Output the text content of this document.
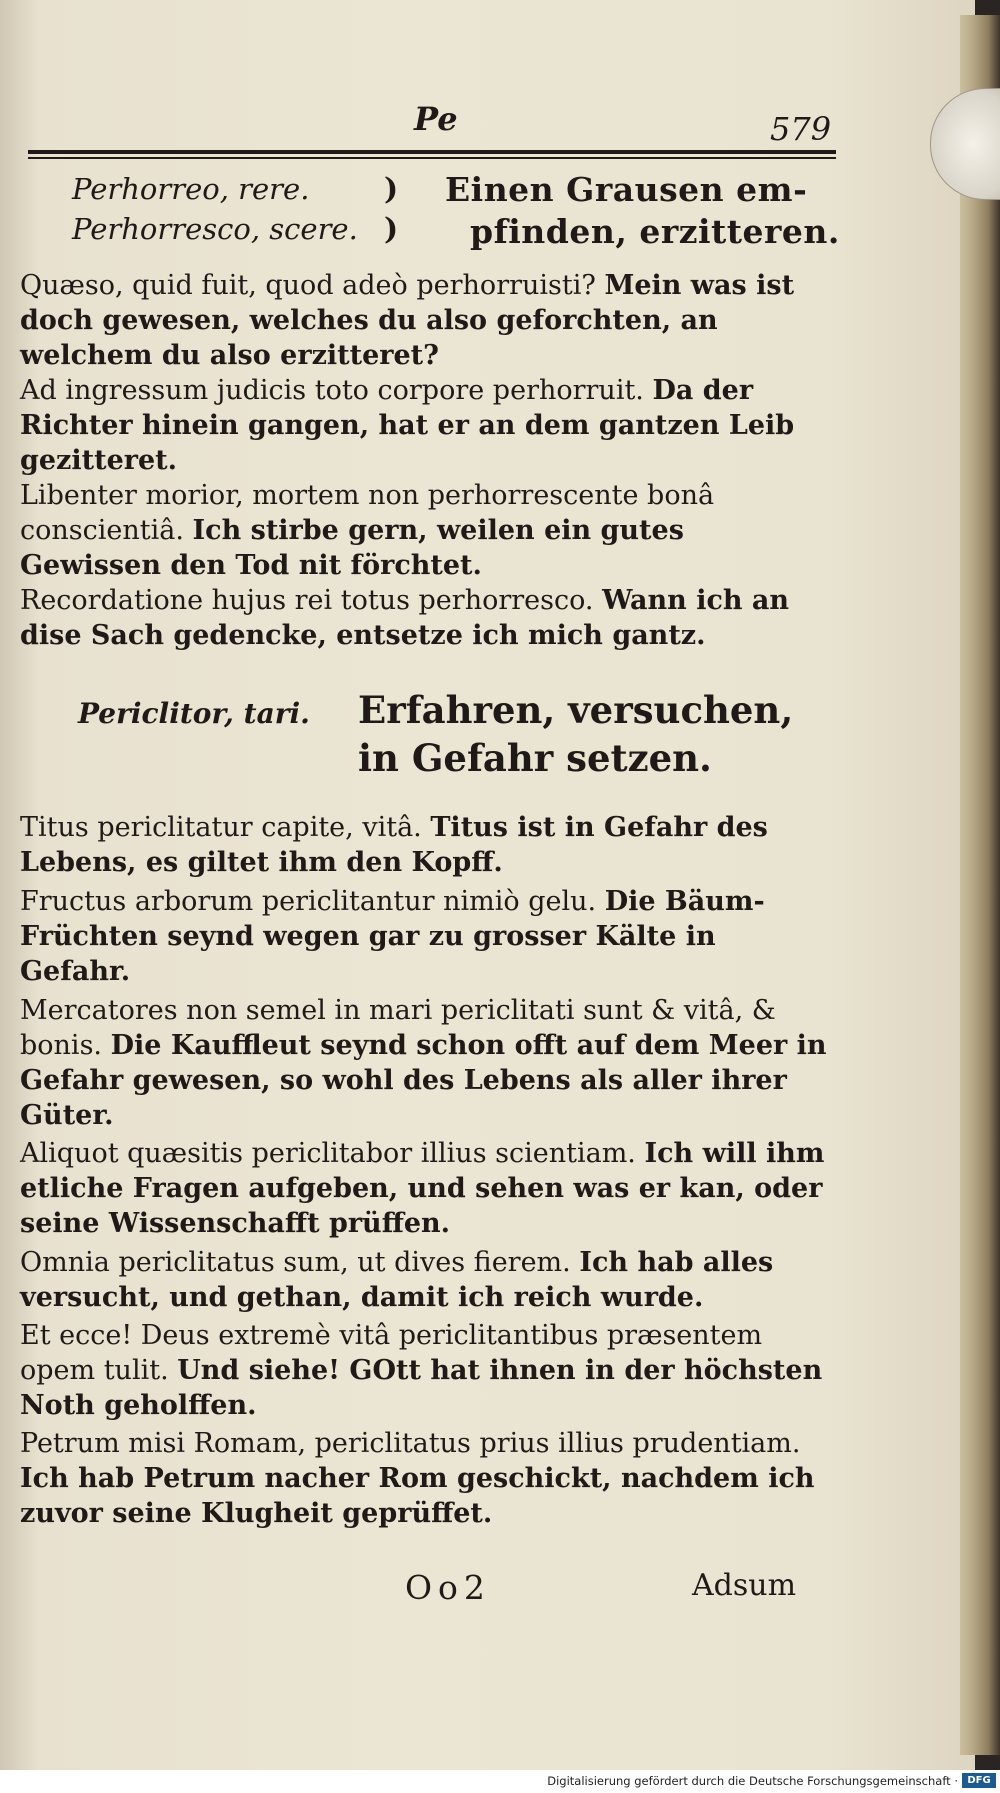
Pe	579
Perhorreo, rere.
Perhorresco, scere.
)
)
Einen Grausen em-
pfinden, erzitteren.
Quæso, quid fuit, quod adeò perhorruisti? Mein was ist doch gewesen, welches du also geforchten, an welchem du also erzitteret?
Ad ingressum judicis toto corpore perhorruit. Da der Richter hinein gangen, hat er an dem gantzen Leib gezitteret.
Libenter morior, mortem non perhorrescente bonâ conscientiâ. Ich stirbe gern, weilen ein gutes Gewissen den Tod nit förchtet.
Recordatione hujus rei totus perhorresco. Wann ich an dise Sach gedencke, entsetze ich mich gantz.
Periclitor, tari. Erfahren, versuchen, in Gefahr setzen.
Titus periclitatur capite, vitâ. Titus ist in Gefahr des Lebens, es giltet ihm den Kopff.
Fructus arborum periclitantur nimiò gelu. Die Bäum-Früchten seynd wegen gar zu grosser Kälte in Gefahr.
Mercatores non semel in mari periclitati sunt & vitâ, & bonis. Die Kauffleut seynd schon offt auf dem Meer in Gefahr gewesen, so wohl des Lebens als aller ihrer Güter.
Aliquot quæsitis periclitabor illius scientiam. Ich will ihm etliche Fragen aufgeben, und sehen was er kan, oder seine Wissenschafft prüffen.
Omnia periclitatus sum, ut dives fierem. Ich hab alles versucht, und gethan, damit ich reich wurde.
Et ecce! Deus extremè vitâ periclitantibus præsentem opem tulit. Und siehe! GOtt hat ihnen in der höchsten Noth geholffen.
Petrum misi Romam, periclitatus prius illius prudentiam. Ich hab Petrum nacher Rom geschickt, nachdem ich zuvor seine Klugheit geprüffet.
Oo2	Adsum
Digitalisierung gefördert durch die Deutsche Forschungsgemeinschaft · DFG
